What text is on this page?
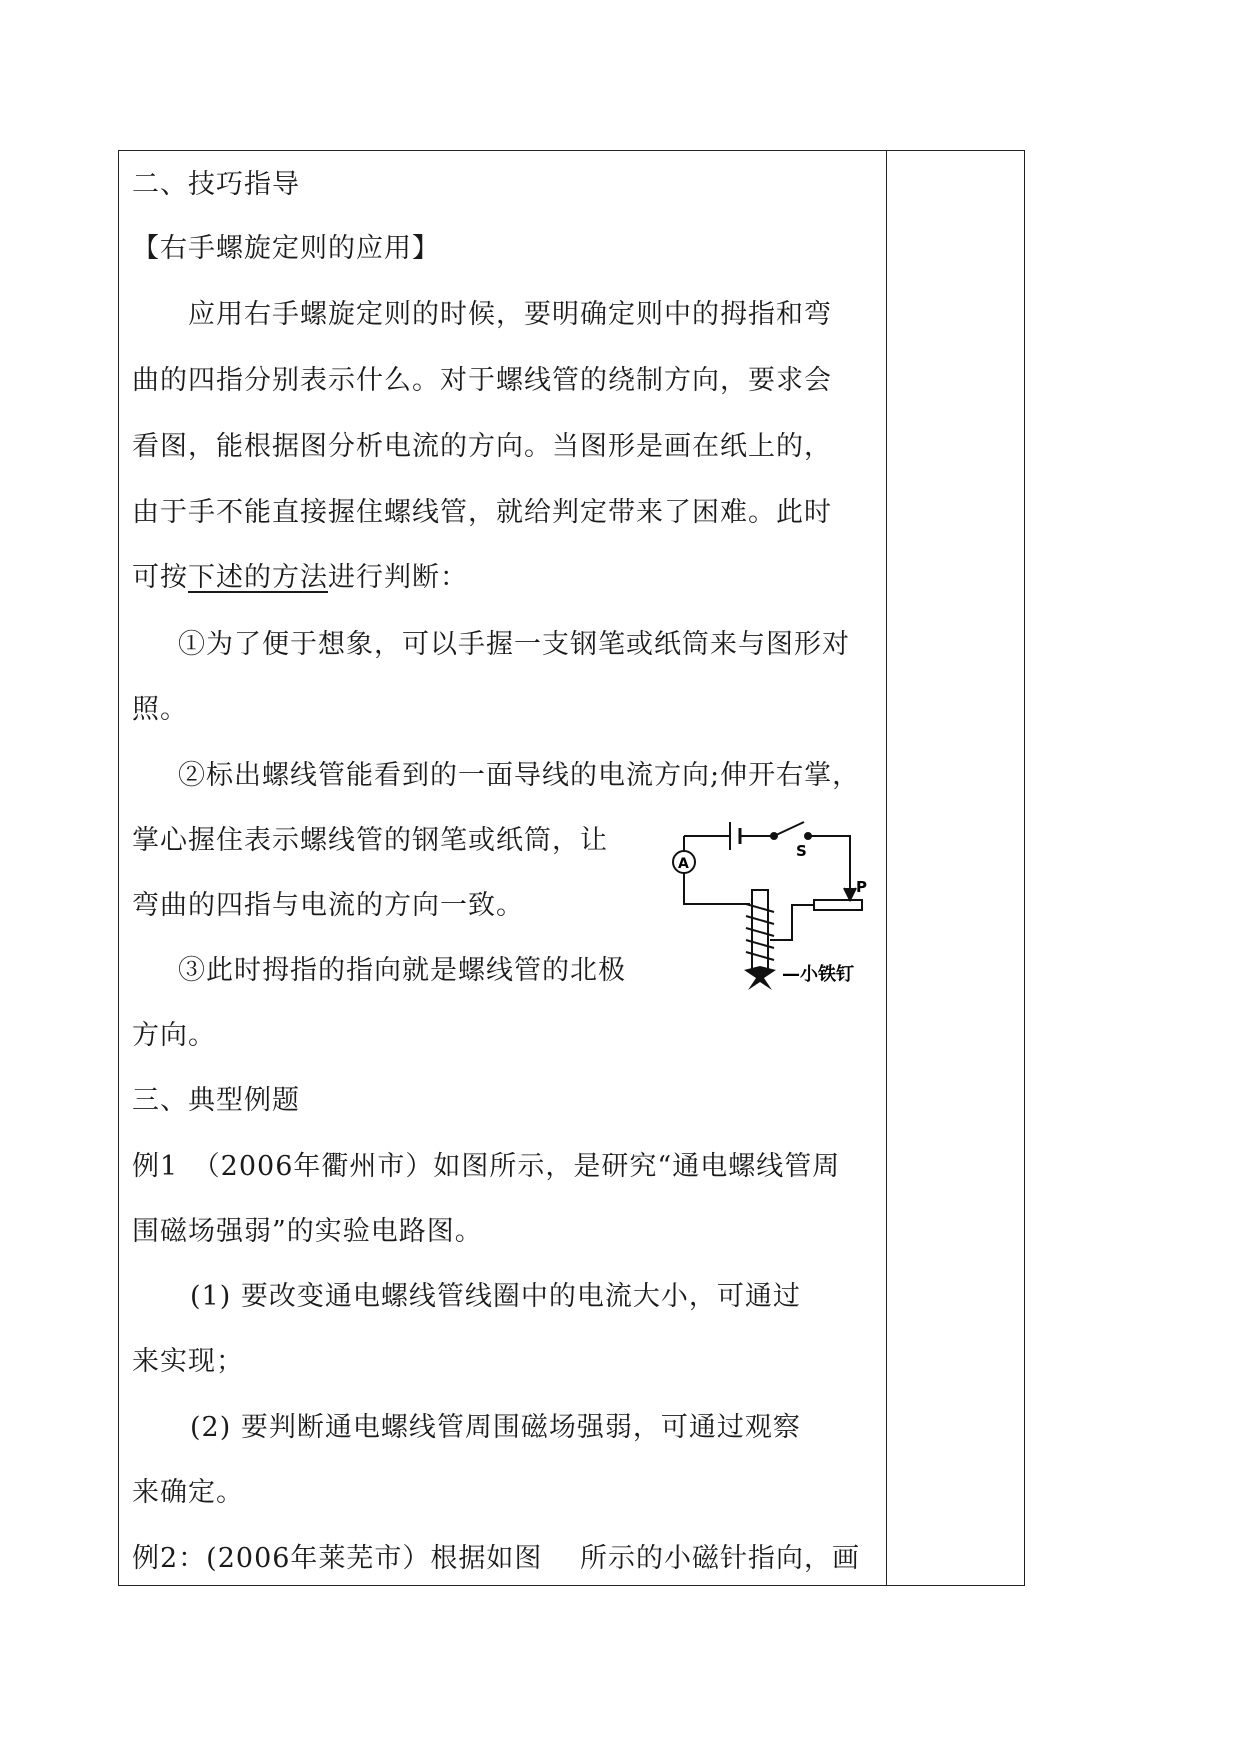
二、技巧指导
【右手螺旋定则的应用】
应用右手螺旋定则的时候，要明确定则中的拇指和弯
曲的四指分别表示什么。对于螺线管的绕制方向，要求会
看图，能根据图分析电流的方向。当图形是画在纸上的，
由于手不能直接握住螺线管，就给判定带来了困难。此时
可按下述的方法进行判断：
①为了便于想象，可以手握一支钢笔或纸筒来与图形对
照。
②标出螺线管能看到的一面导线的电流方向;伸开右掌，
掌心握住表示螺线管的钢笔或纸筒，让
弯曲的四指与电流的方向一致。
③此时拇指的指向就是螺线管的北极
方向。
三、典型例题
例1　（2006年衢州市）如图所示，是研究“通电螺线管周
围磁场强弱”的实验电路图。
(1) 要改变通电螺线管线圈中的电流大小，可通过
来实现；
(2) 要判断通电螺线管周围磁场强弱，可通过观察
来确定。
例2：(2006年莱芜市）根据如图　 所示的小磁针指向，画
A
S
P
—小铁钉
